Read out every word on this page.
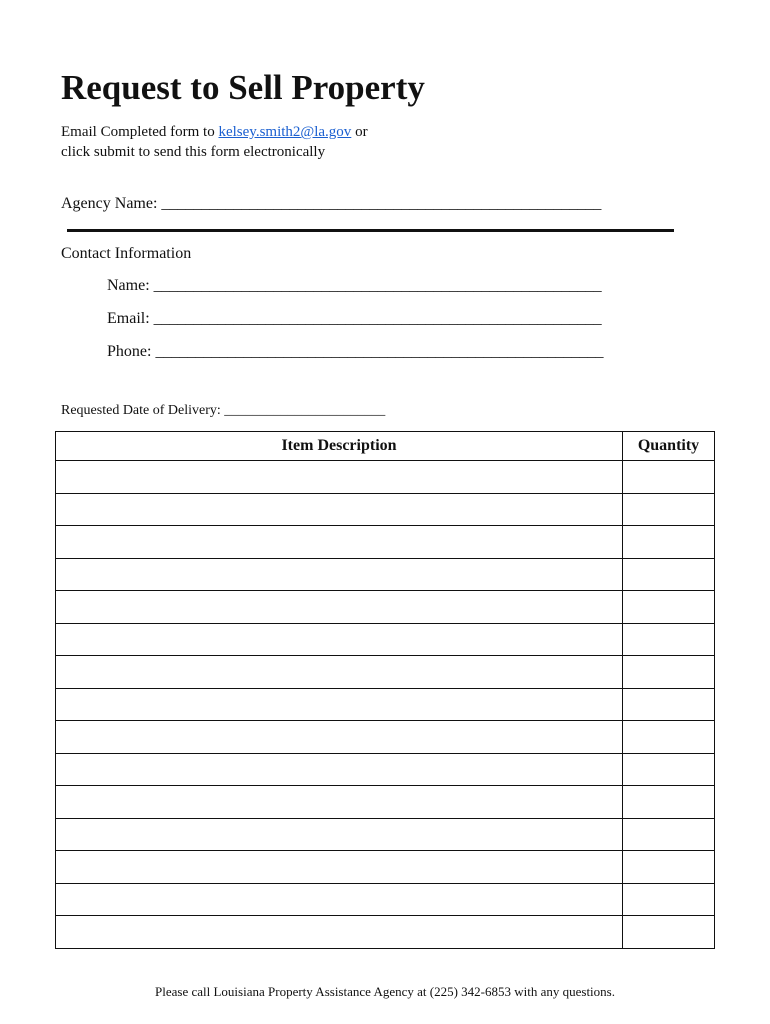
Request to Sell Property
Email Completed form to kelsey.smith2@la.gov or
click submit to send this form electronically
Agency Name: _______________________________________________________
Contact Information
Name: ________________________________________________________
Email: ________________________________________________________
Phone: ________________________________________________________
Requested Date of Delivery: _______________________
Item Description	Quantity

Please call Louisiana Property Assistance Agency at (225) 342-6853 with any questions.
